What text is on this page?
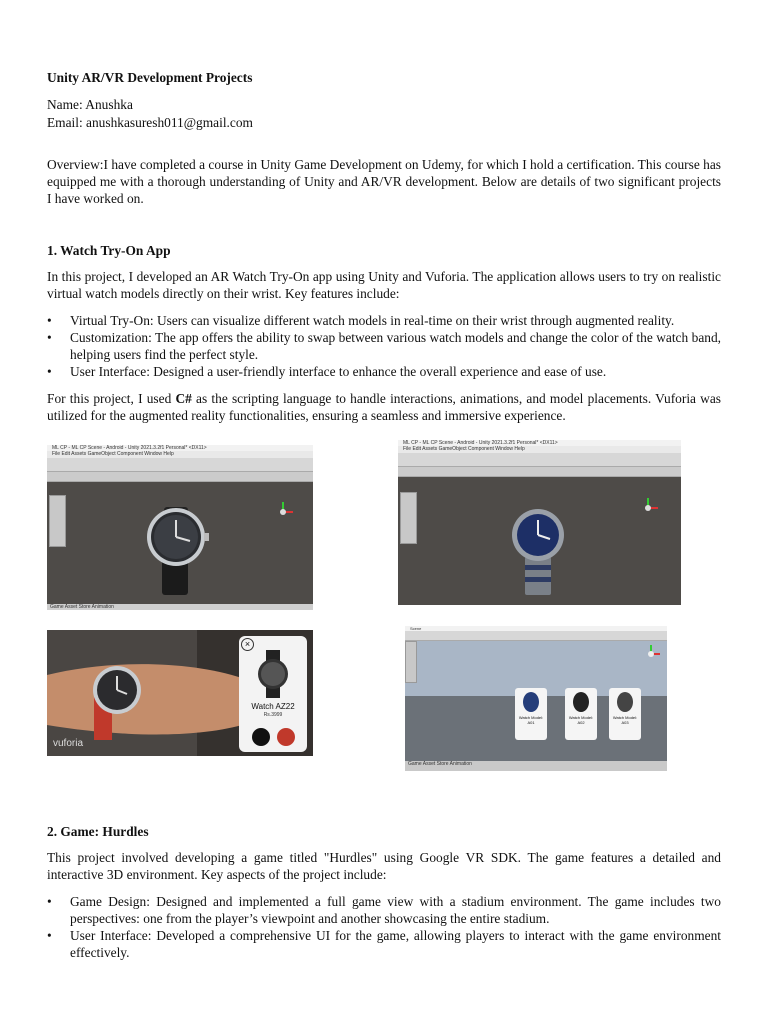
Unity AR/VR Development Projects
Name: Anushka
Email: anushkasuresh011@gmail.com

Overview:I have completed a course in Unity Game Development on Udemy, for which I hold a certification. This course has equipped me with a thorough understanding of Unity and AR/VR development. Below are details of two significant projects I have worked on.

1. Watch Try-On App

In this project, I developed an AR Watch Try-On app using Unity and Vuforia. The application allows users to try on realistic virtual watch models directly on their wrist. Key features include:

• Virtual Try-On: Users can visualize different watch models in real-time on their wrist through augmented reality.
• Customization: The app offers the ability to swap between various watch models and change the color of the watch band, helping users find the perfect style.
• User Interface: Designed a user-friendly interface to enhance the overall experience and ease of use.

For this project, I used C# as the scripting language to handle interactions, animations, and model placements. Vuforia was utilized for the augmented reality functionalities, ensuring a seamless and immersive experience.

2. Game: Hurdles

This project involved developing a game titled "Hurdles" using Google VR SDK. The game features a detailed and interactive 3D environment. Key aspects of the project include:

• Game Design: Designed and implemented a full game view with a stadium environment. The game includes two perspectives: one from the player’s viewpoint and another showcasing the entire stadium.
• User Interface: Developed a comprehensive UI for the game, allowing players to interact with the game environment effectively.
ML CP - ML CP Scene - Android - Unity 2021.3.2f1 Personal* <DX11>
File Edit Assets GameObject Component Window Help
Game Asset Store Animation
ML CP - ML CP Scene - Android - Unity 2021.3.2f1 Personal* <DX11>
File Edit Assets GameObject Component Window Help
vuforia
×
Watch AZ22
Rs.3999
Scene
Watch Model: A01
Watch Model: A02
Watch Model: A03
Game Asset Store Animation
